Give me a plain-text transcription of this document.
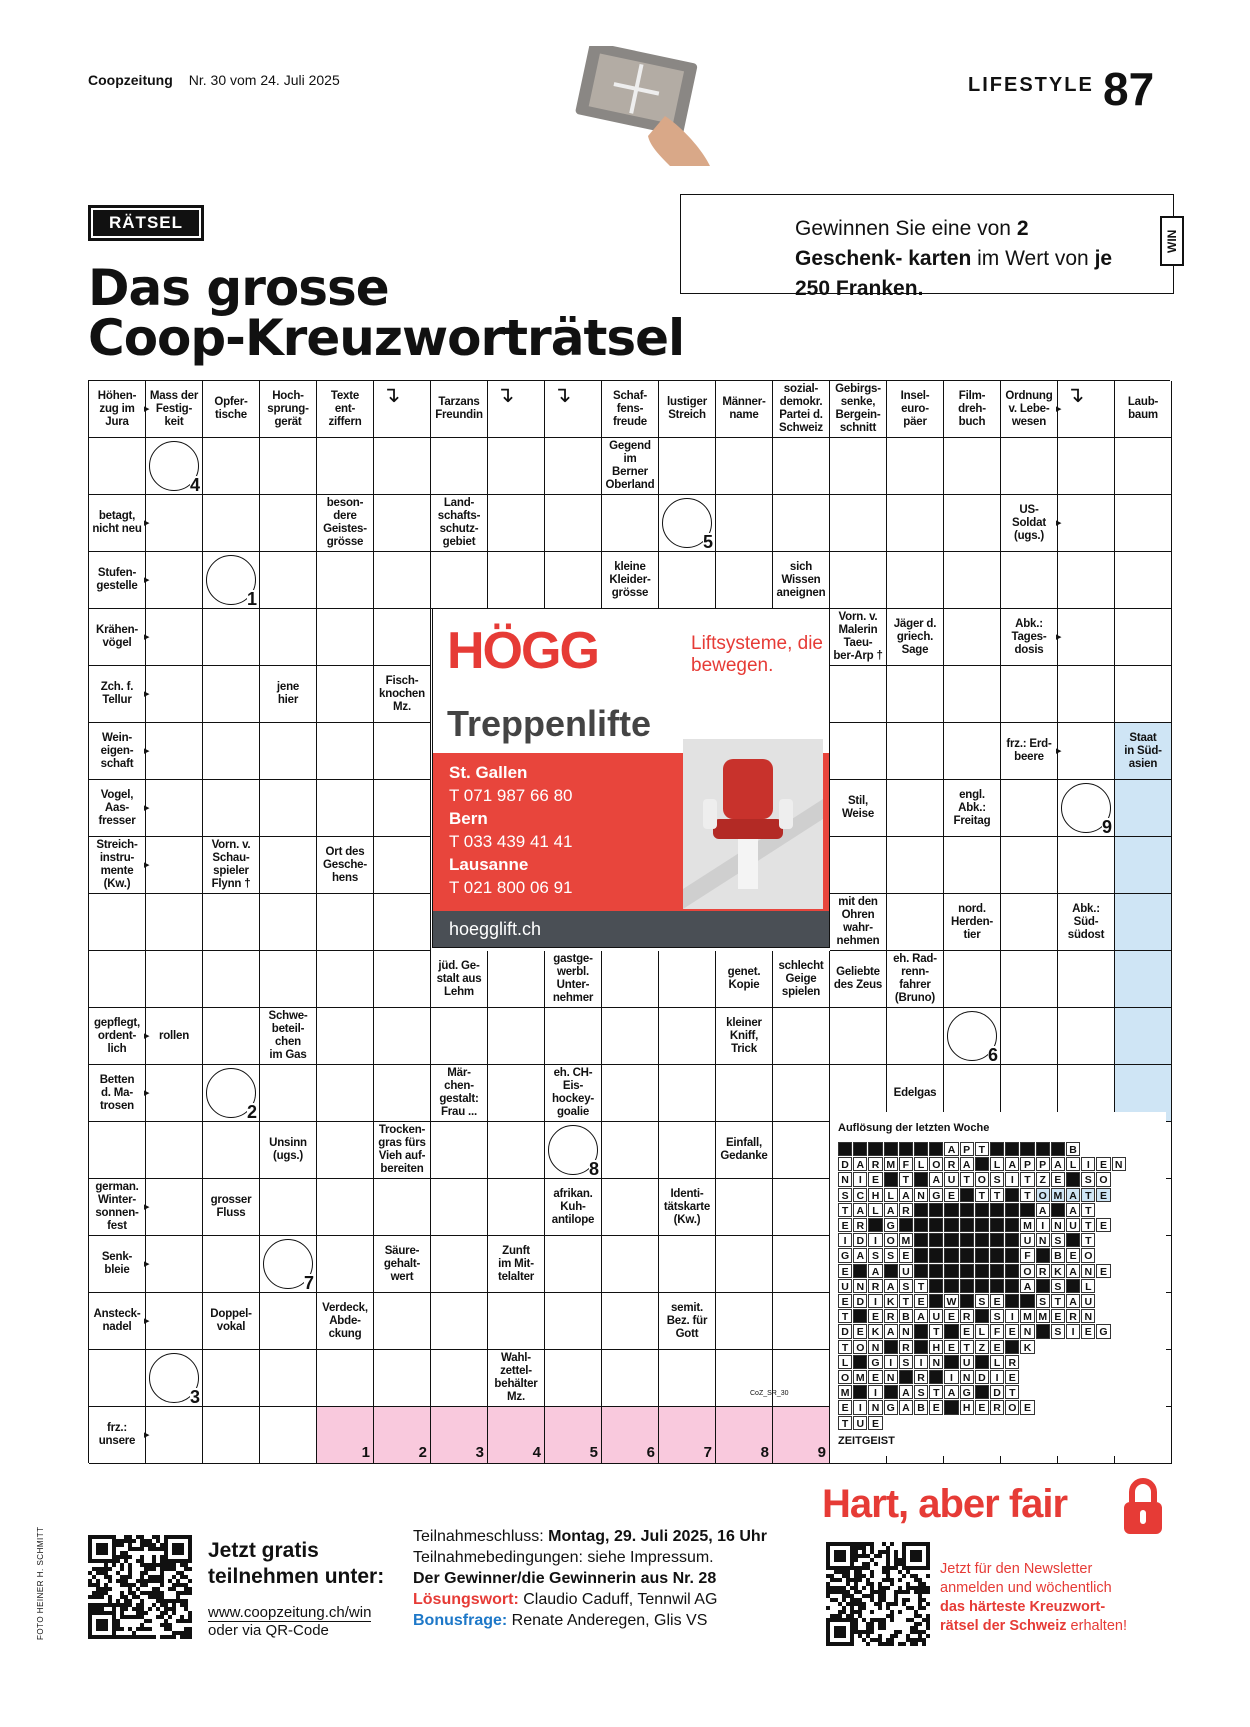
Coopzeitung Nr. 30 vom 24. Juli 2025	LIFESTYLE 87
RÄTSEL
Das grosse
Coop-Kreuzworträtsel
Gewinnen Sie eine von 2 Geschenk- karten im Wert von je 250 Franken.
WIN
Höhen-
zug im
Jura
Mass der
Festig-
keit
Opfer-
tische
Hoch-
sprung-
gerät
Texte
ent-
ziffern
↴	Tarzans
Freundin
↴ ↴	Schaf-
fens-
freude
lustiger
Streich
Männer-
name
sozial-
demokr.
Partei d.
Schweiz
Gebirgs-
senke,
Bergein-
schnitt
Insel-
euro-
päer
Film-
dreh-
buch
Ordnung
v. Lebe-
wesen
↴	Laub-
baum
4
Gegend
im
Berner
Oberland
betagt,
nicht neu
beson-
dere
Geistes-
grösse
Land-
schafts-
schutz-
gebiet	5
US-
Soldat
(ugs.)
Stufen-
gestelle
1
kleine
Kleider-
grösse
sich
Wissen
aneignen
Krähen-
vögel
Vorn. v.
Malerin
Taeu-
ber-Arp †
Jäger d.
griech.
Sage
Abk.:
Tages-
dosis
Zch. f.
Tellur
jene
hier
Fisch-
knochen
Mz.
Wein-
eigen-
schaft
frz.: Erd-
beere
Staat
in Süd-
asien
Vogel,
Aas-
fresser
Stil,
Weise
engl.
Abk.:
Freitag	9
Streich-
instru-
mente
(Kw.)
Vorn. v.
Schau-
spieler
Flynn †
Ort des
Gesche-
hens
mit den
Ohren
wahr-
nehmen
nord.
Herden-
tier
Abk.:
Süd-
südost
jüd. Ge-
stalt aus
Lehm
gastge-
werbl.
Unter-
nehmer
genet.
Kopie
schlecht
Geige
spielen
Geliebte
des Zeus
eh. Rad-
renn-
fahrer
(Bruno)
gepflegt,
ordent-
lich
rollen
Schwe-
beteil-
chen
im Gas
kleiner
Kniff,
Trick	6
Betten
d. Ma-
trosen	2
Mär-
chen-
gestalt:
Frau ...
eh. CH-
Eis-
hockey-
goalie
Edelgas
Unsinn
(ugs.)
Trocken-
gras fürs
Vieh auf-
bereiten	8
Einfall,
Gedanke
german.
Winter-
sonnen-
fest
grosser
Fluss
afrikan.
Kuh-
antilope
Identi-
tätskarte
(Kw.)
Senk-
bleie
7
Säure-
gehalt-
wert
Zunft
im Mit-
telalter
Ansteck-
nadel
Doppel-
vokal
Verdeck,
Abde-
ckung
semit.
Bez. für
Gott
3
Wahl-
zettel-
behälter
Mz.
frz.:
unsere
1	2	3	4	5	6	7	8	9
▸	▸
▸	▸
▸
▸	▸
▸
▸	▸
▸
▸
▸
▸
▸
▸
▸
▸
HÖGG	Liftsysteme, die bewegen.
Treppenlifte
St. Gallen
T 071 987 66 80
Bern
T 033 439 41 41
Lausanne
T 021 800 06 91
hoegglift.ch
Auflösung der letzten Woche
A P T	B
D A R M F L O R A	L A P P A L	I E N
N I E	T	A U T O S I	T Z E	S O
S C H L A N G E	T T	T O M A T E
T A L A R	A	A T
E R	G	M I N U T E
I D I O M	U N S	T
G A S S E	F	B E O
E	A	U	O R K A N E
U N R A S T	A	S	L
E D I K T E	W	S E	S T A U
T	E R B A U E R	S I M M E R N
D E K A N	T	E L F E N	S I E G
T O N	R	H E T Z E	K
L	G I S I N	U	L R
O M E N	R	I N D I E
M	I	A S T A G	D T
E I N G A B E	H E R O E
T U E
ZEITGEIST
CoZ_SR_30
Jetzt gratis
teilnehmen unter:
www.coopzeitung.ch/win
oder via QR-Code
Teilnahmeschluss: Montag, 29. Juli 2025, 16 Uhr
Teilnahmebedingungen: siehe Impressum.
Der Gewinner/die Gewinnerin aus Nr. 28
Lösungswort: Claudio Caduff, Tennwil AG
Bonusfrage: Renate Anderegen, Glis VS
Hart, aber fair
Jetzt für den Newsletter
anmelden und wöchentlich
das härteste Kreuzwort-
rätsel der Schweiz erhalten!
FOTO HEINER H. SCHMITT
